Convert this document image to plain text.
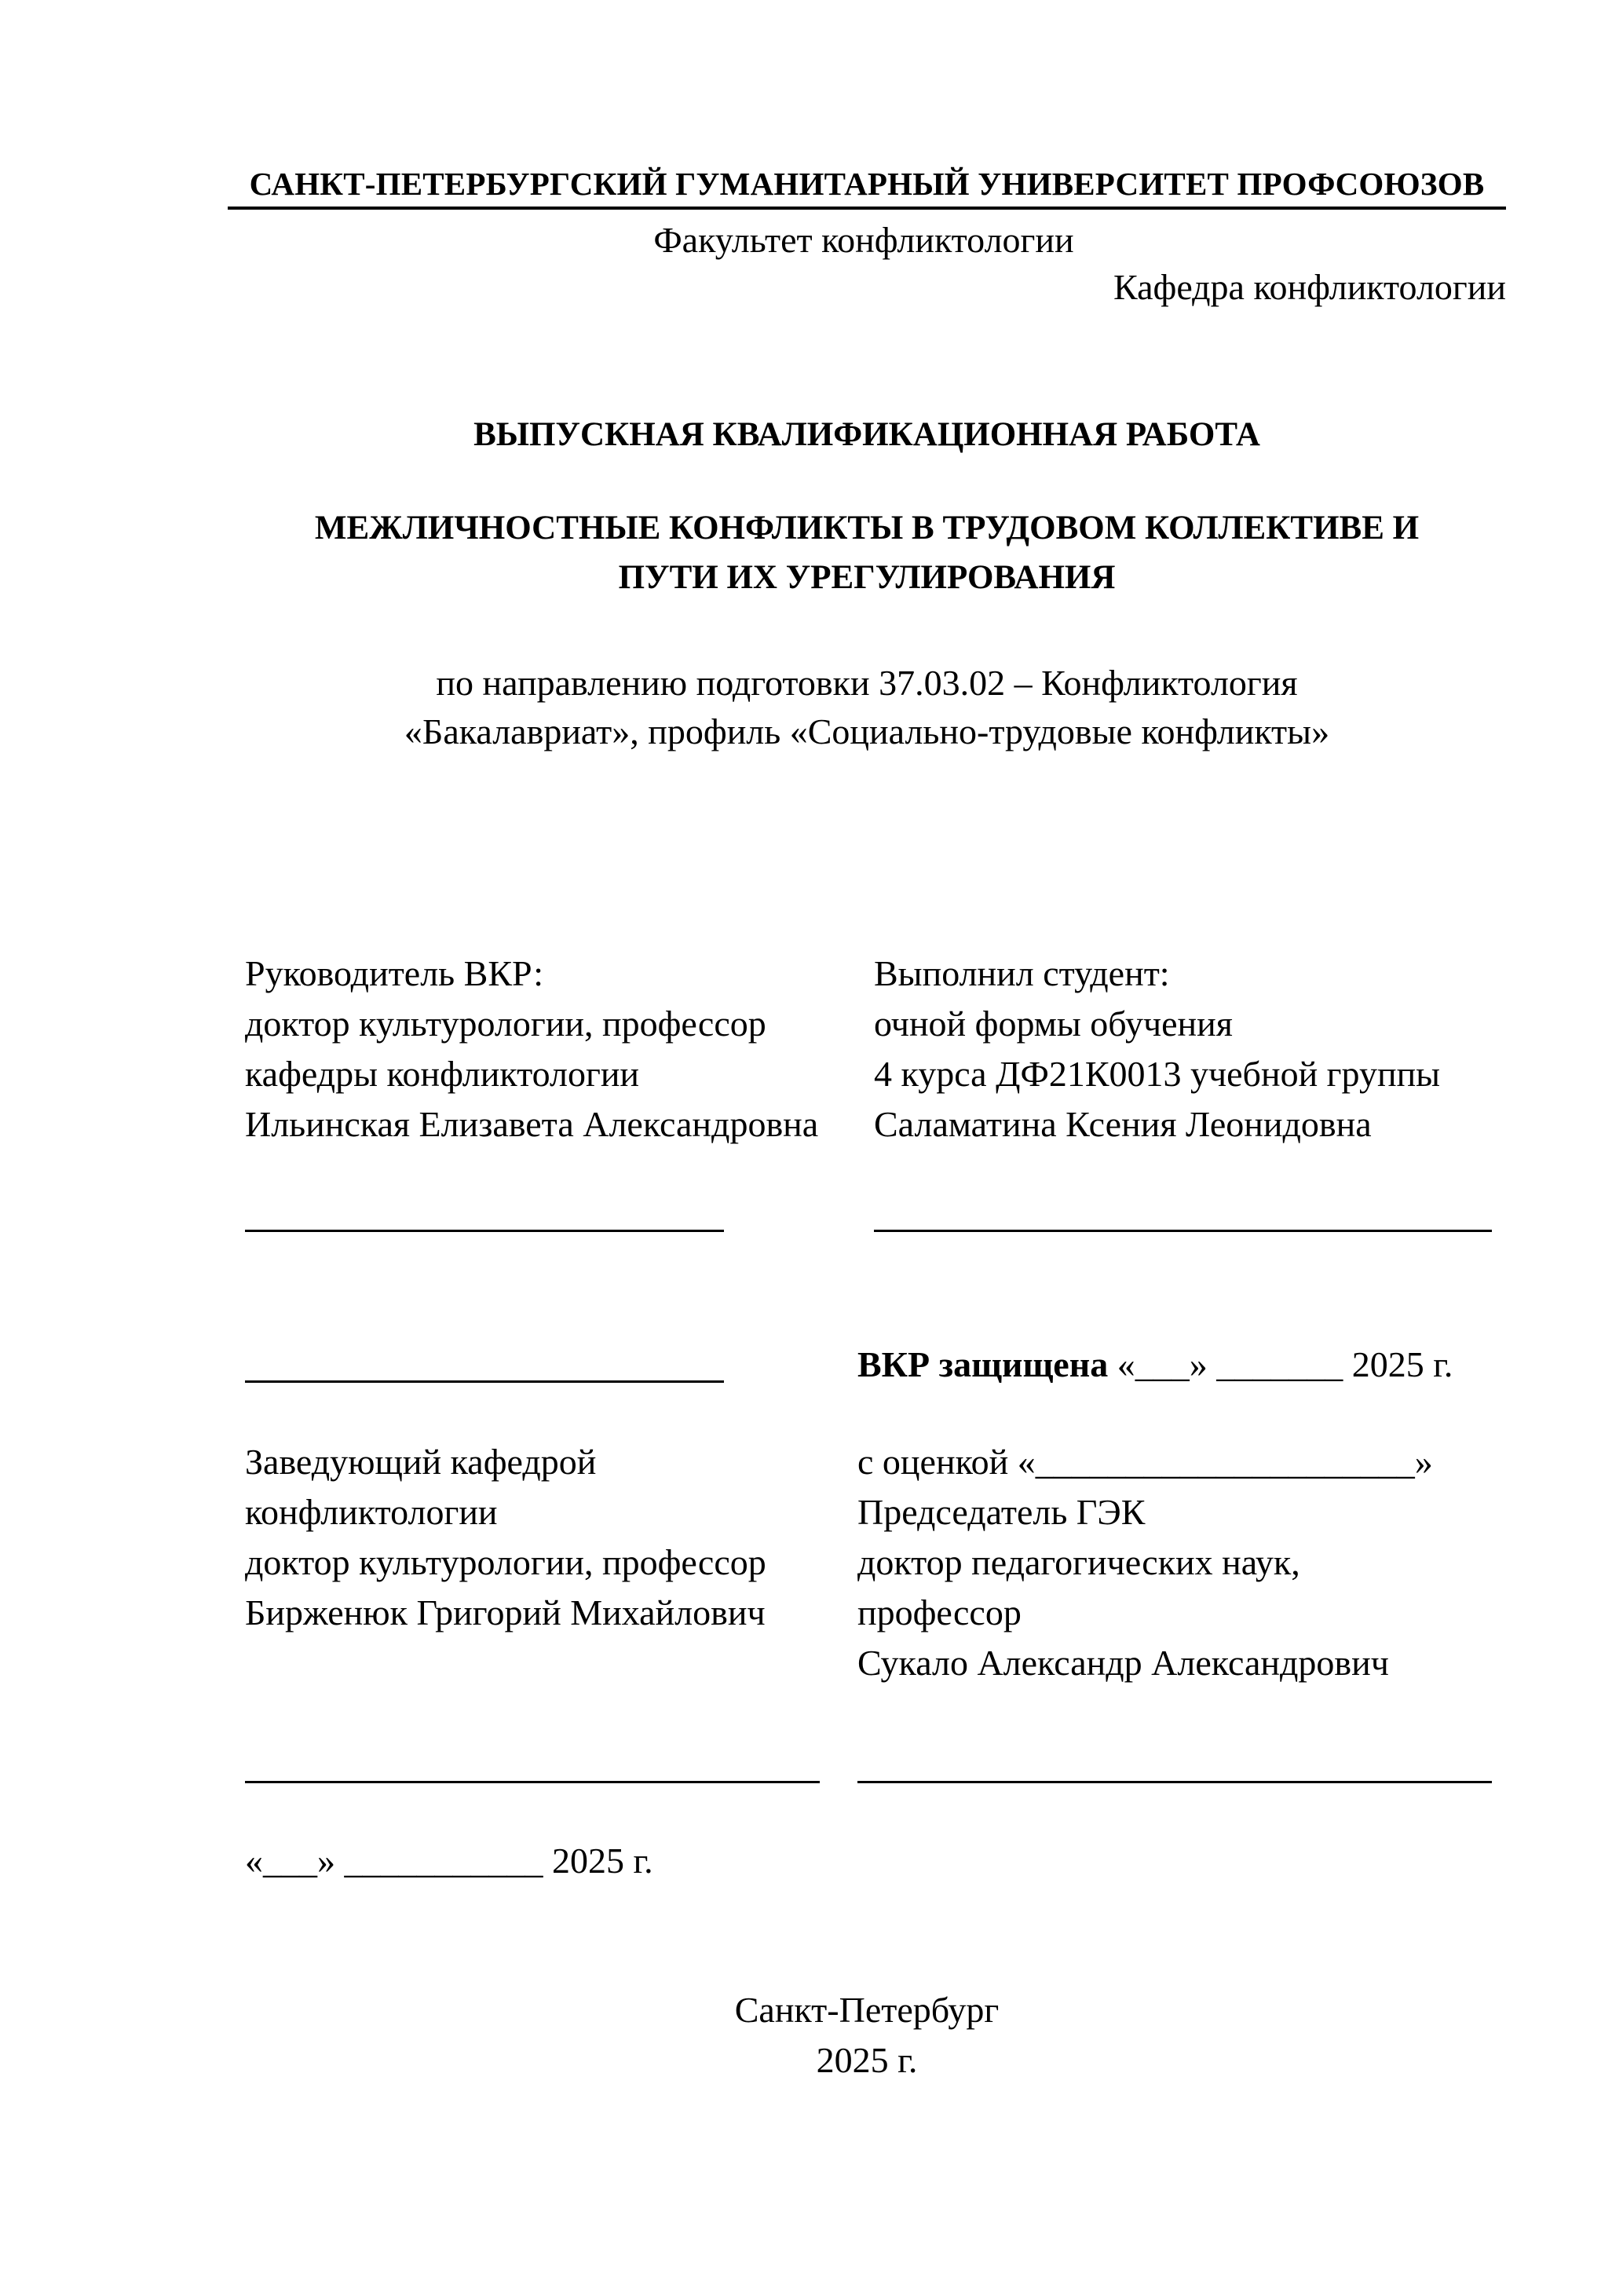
САНКТ-ПЕТЕРБУРГСКИЙ ГУМАНИТАРНЫЙ УНИВЕРСИТЕТ ПРОФСОЮЗОВ
Факультет конфликтологии
Кафедра конфликтологии
ВЫПУСКНАЯ КВАЛИФИКАЦИОННАЯ РАБОТА
МЕЖЛИЧНОСТНЫЕ КОНФЛИКТЫ В ТРУДОВОМ КОЛЛЕКТИВЕ И
ПУТИ ИХ УРЕГУЛИРОВАНИЯ
по направлению подготовки 37.03.02 – Конфликтология
«Бакалавриат», профиль «Социально-трудовые конфликты»
Руководитель ВКР:
доктор культурологии, профессор
кафедры конфликтологии
Ильинская Елизавета Александровна
Выполнил студент:
очной формы обучения
4 курса ДФ21К0013 учебной группы
Саламатина Ксения Леонидовна
ВКР защищена «___» _______ 2025 г.
с оценкой «_____________________»
Заведующий кафедрой
конфликтологии
доктор культурологии, профессор
Бирженюк Григорий Михайлович
Председатель ГЭК
доктор педагогических наук,
профессор
Сукало Александр Александрович
«___» ___________ 2025 г.
Санкт-Петербург
2025 г.
